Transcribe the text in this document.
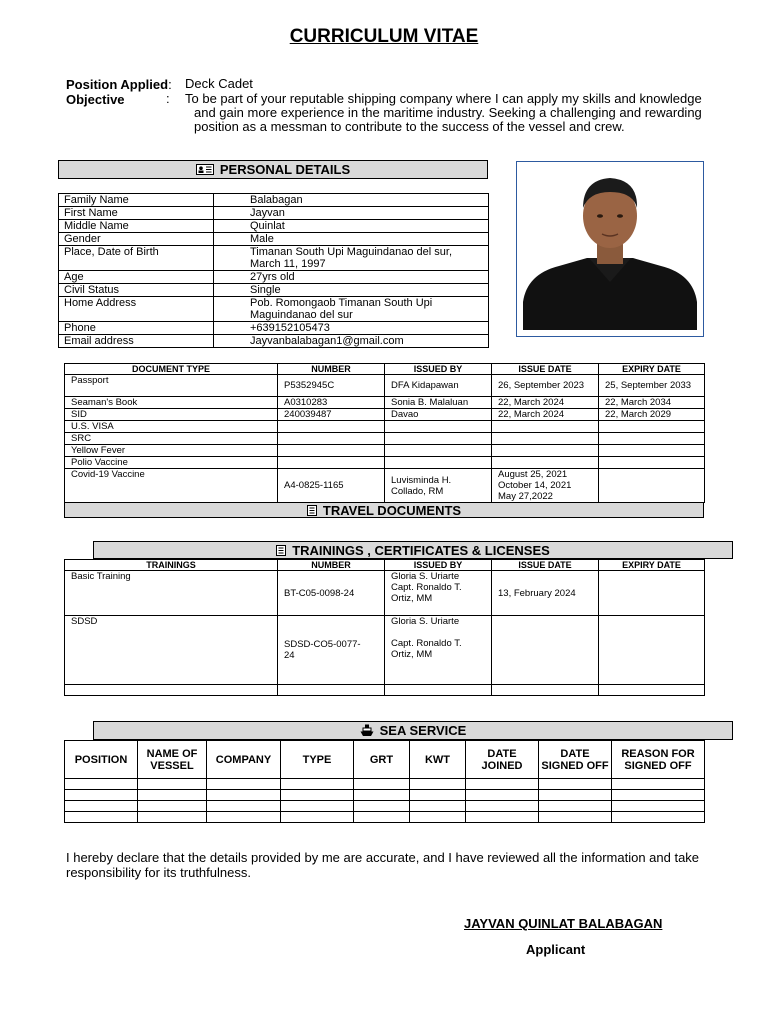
CURRICULUM VITAE
Position Applied: Deck Cadet
Objective	: To be part of your reputable shipping company where I can apply my skills and knowledge
and gain more experience in the maritime industry. Seeking a challenging and rewarding
position as a messman to contribute to the success of the vessel and crew.
PERSONAL DETAILS
Family Name	Balabagan

First Name	Jayvan

Middle Name	Quinlat

Gender	Male

Place, Date of Birth	Timanan South Upi Maguindanao del sur,
March 11, 1997

Age	27yrs old

Civil Status	Single

Home Address	Pob. Romongaob Timanan South Upi
Maguindanao del sur

Phone	+639152105473

Email address	Jayvanbalabagan1@gmail.com
DOCUMENT TYPE	NUMBER	ISSUED BY	ISSUE DATE	EXPIRY DATE
Passport	P5352945C	DFA Kidapawan	26, September 2023	25, September 2033
Seaman's Book	A0310283	Sonia B. Malaluan	22, March 2024	22, March 2034
SID	240039487	Davao	22, March 2024	22, March 2029
U.S. VISA				
SRC				
Yellow Fever				
Polio Vaccine				
Covid-19 Vaccine	A4-0825-1165	Luvisminda H. Collado, RM	August 25, 2021
October 14, 2021
May 27,2022	
TRAVEL DOCUMENTS
TRAININGS , CERTIFICATES & LICENSES
TRAININGS	NUMBER	ISSUED BY	ISSUE DATE	EXPIRY DATE
Basic Training	BT-C05-0098-24	Gloria S. Uriarte
Capt. Ronaldo T.
Ortiz, MM	13, February 2024	
SDSD	SDSD-CO5-0077-
24	Gloria S. Uriarte

Capt. Ronaldo T.
Ortiz, MM		

SEA SERVICE
POSITION	NAME OF VESSEL	COMPANY	TYPE	GRT	KWT	DATE JOINED	DATE SIGNED OFF	REASON FOR SIGNED OFF

I hereby declare that the details provided by me are accurate, and I have reviewed all the information and take
responsibility for its truthfulness.
JAYVAN QUINLAT BALABAGAN
Applicant
